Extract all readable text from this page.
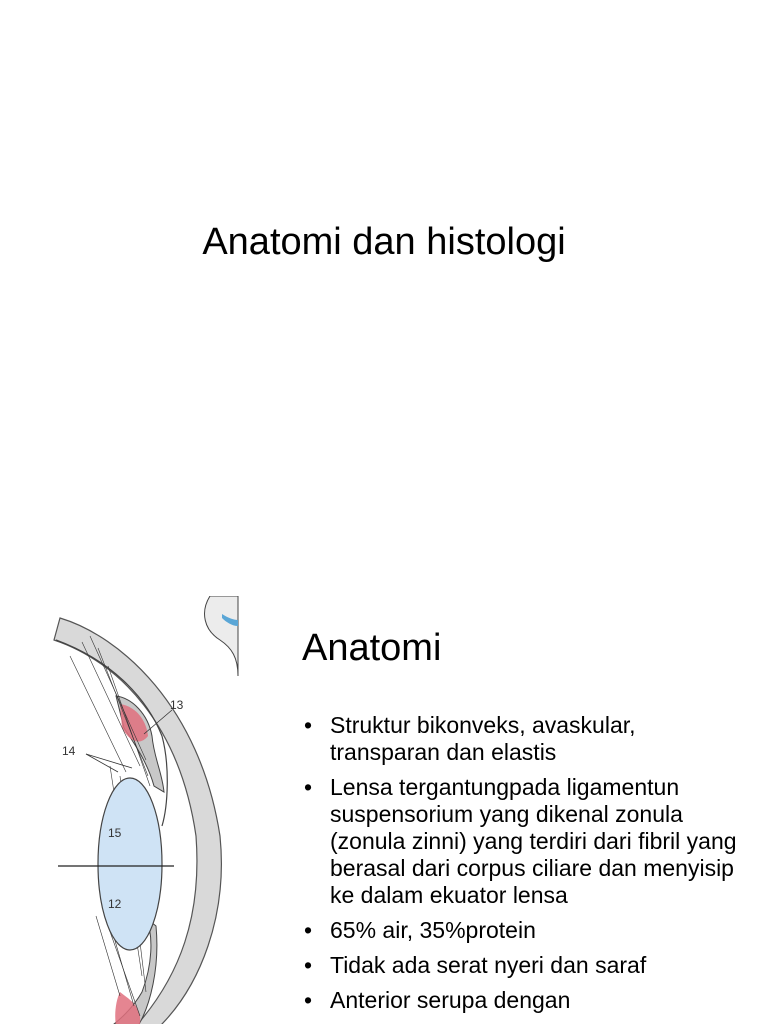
Anatomi dan histologi
13
14
15
12
Anatomi
• Struktur bikonveks, avaskular, transparan dan elastis
• Lensa tergantungpada ligamentun suspensorium yang dikenal zonula (zonula zinni) yang terdiri dari fibril yang berasal dari corpus ciliare dan menyisip ke dalam ekuator lensa
• 65% air, 35%protein
• Tidak ada serat nyeri dan saraf
• Anterior serupa dengan
